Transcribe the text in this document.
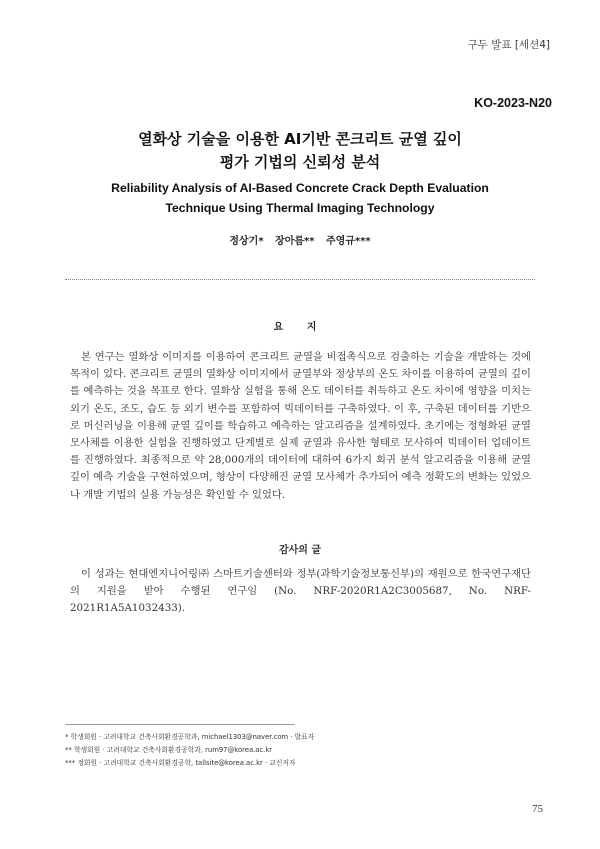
구두 발표 [세션4]
KO-2023-N20
열화상 기술을 이용한 AI기반 콘크리트 균열 깊이
평가 기법의 신뢰성 분석
Reliability Analysis of AI-Based Concrete Crack Depth Evaluation
Technique Using Thermal Imaging Technology
정상기* 장아름** 주영규***
요 지

본 연구는 열화상 이미지를 이용하여 콘크리트 균열을 비접촉식으로 검출하는 기술을 개발하는 것에 목적이 있다. 콘크리트 균열의 열화상 이미지에서 균열부와 정상부의 온도 차이를 이용하여 균열의 깊이를 예측하는 것을 목표로 한다. 열화상 실험을 통해 온도 데이터를 취득하고 온도 차이에 영향을 미치는 외기 온도, 조도, 습도 등 외기 변수를 포함하여 빅데이터를 구축하였다. 이 후, 구축된 데이터를 기반으로 머신러닝을 이용해 균열 깊이를 학습하고 예측하는 알고리즘을 설계하였다. 초기에는 정형화된 균열 모사체를 이용한 실험을 진행하였고 단계별로 실제 균열과 유사한 형태로 모사하여 빅데이터 업데이트를 진행하였다. 최종적으로 약 28,000개의 데이터에 대하여 6가지 회귀 분석 알고리즘을 이용해 균열 깊이 예측 기술을 구현하였으며, 형상이 다양해진 균열 모사체가 추가되어 예측 정확도의 변화는 있었으나 개발 기법의 실용 가능성은 확인할 수 있었다.

감사의 글

이 성과는 현대엔지니어링㈜ 스마트기술센터와 정부(과학기술정보통신부)의 재원으로 한국연구재단의 지원을 받아 수행된 연구임 (No. NRF-2020R1A2C3005687, No. NRF-2021R1A5A1032433).

* 학생회원 · 고려대학교 건축사회환경공학과, michael1303@naver.com · 발표자
** 학생회원 · 고려대학교 건축사회환경공학과, rum97@korea.ac.kr
*** 정회원 · 고려대학교 건축사회환경공학, tallsite@korea.ac.kr · 교신저자
75
